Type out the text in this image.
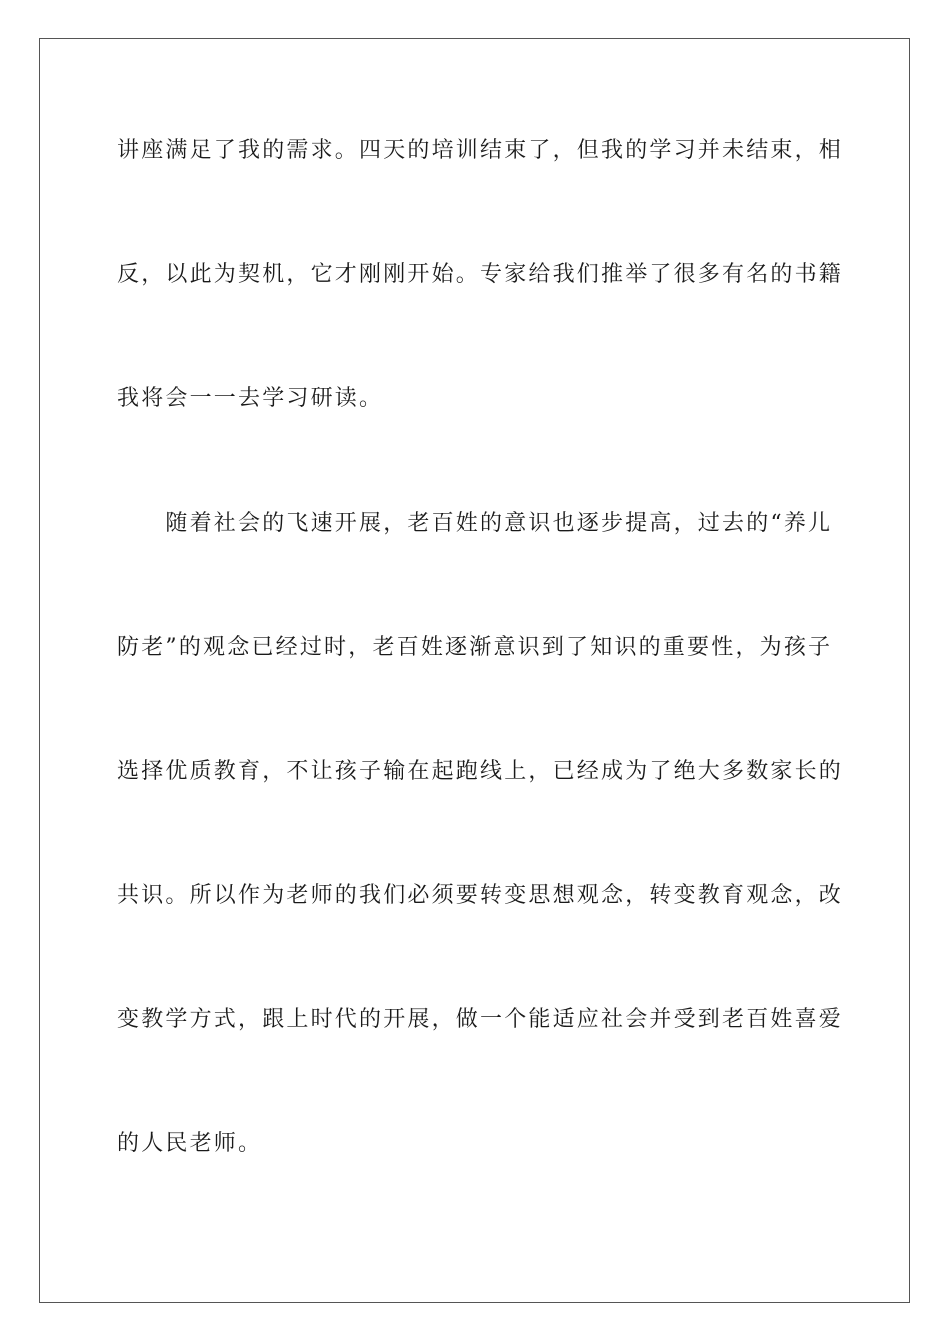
讲座满足了我的需求。四天的培训结束了，但我的学习并未结束，相
反，以此为契机，它才刚刚开始。专家给我们推举了很多有名的书籍
我将会一一去学习研读。
　　随着社会的飞速开展，老百姓的意识也逐步提高，过去的“养儿
防老”的观念已经过时，老百姓逐渐意识到了知识的重要性，为孩子
选择优质教育，不让孩子输在起跑线上，已经成为了绝大多数家长的
共识。所以作为老师的我们必须要转变思想观念，转变教育观念，改
变教学方式，跟上时代的开展，做一个能适应社会并受到老百姓喜爱
的人民老师。
